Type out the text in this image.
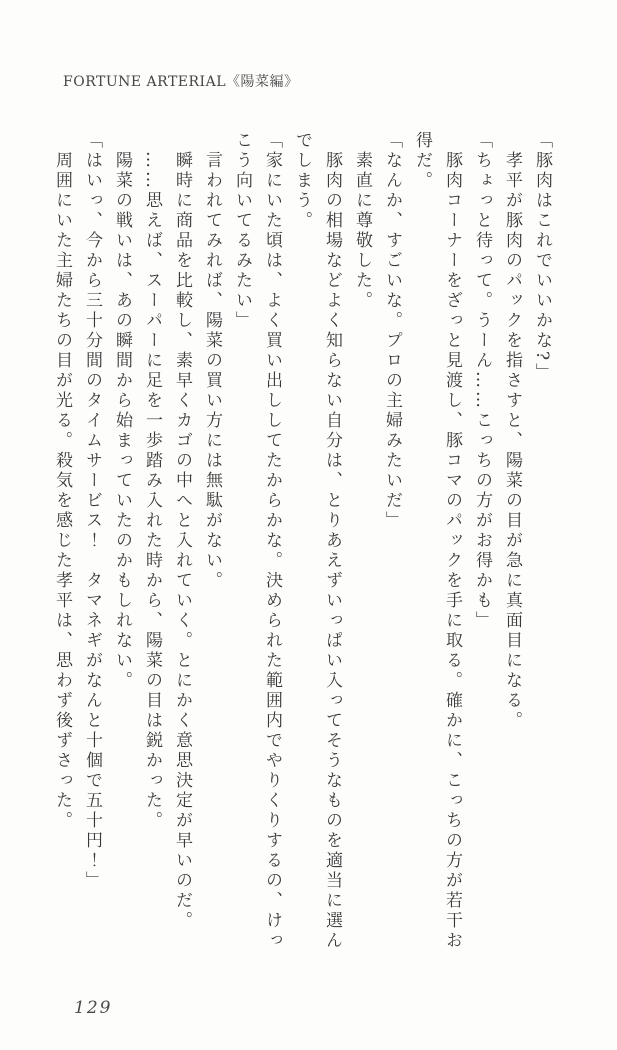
FORTUNE ARTERIAL《陽菜編》

「豚肉はこれでいいかな?」

孝平が豚肉のパックを指さすと、陽菜の目が急に真面目になる。

「ちょっと待って。うーん……こっちの方がお得かも」

豚肉コーナーをざっと見渡し、豚コマのパックを手に取る。確かに、こっちの方が若干お得だ。

「なんか、すごいな。プロの主婦みたいだ」

素直に尊敬した。

豚肉の相場などよく知らない自分は、とりあえずいっぱい入ってそうなものを適当に選んでしまう。

「家にいた頃は、よく買い出ししてたからかな。決められた範囲内でやりくりするの、けっこう向いてるみたい」

言われてみれば、陽菜の買い方には無駄がない。

瞬時に商品を比較し、素早くカゴの中へと入れていく。とにかく意思決定が早いのだ。

……思えば、スーパーに足を一歩踏み入れた時から、陽菜の目は鋭かった。

陽菜の戦いは、あの瞬間から始まっていたのかもしれない。

「はいっ、今から三十分間のタイムサービス！　タマネギがなんと十個で五十円！」

周囲にいた主婦たちの目が光る。殺気を感じた孝平は、思わず後ずさった。

129
